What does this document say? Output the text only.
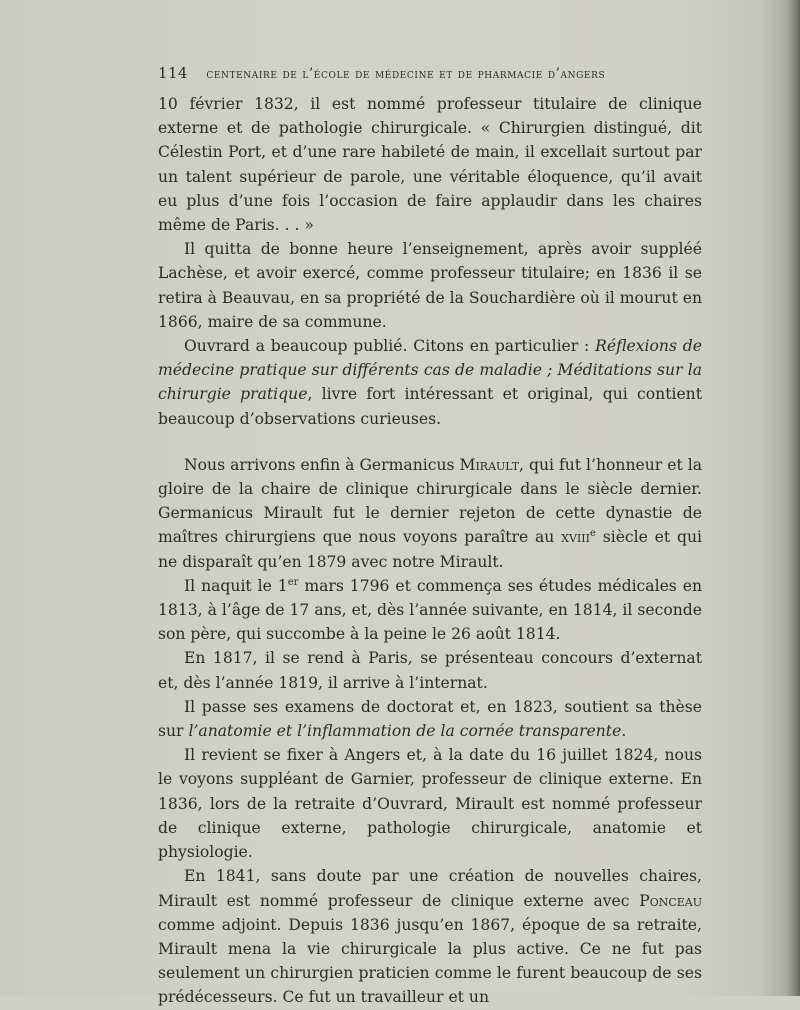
114 centenaire de l’école de médecine et de pharmacie d’angers

10 février 1832, il est nommé professeur titulaire de clinique externe et de pathologie chirurgicale. « Chirurgien distingué, dit Célestin Port, et d’une rare habileté de main, il excellait surtout par un talent supérieur de parole, une véritable éloquence, qu’il avait eu plus d’une fois l’occasion de faire applaudir dans les chaires même de Paris. . . »

Il quitta de bonne heure l’enseignement, après avoir suppléé Lachèse, et avoir exercé, comme professeur titulaire; en 1836 il se retira à Beauvau, en sa propriété de la Souchardière où il mourut en 1866, maire de sa commune.

Ouvrard a beaucoup publié. Citons en particulier : Réflexions de médecine pratique sur différents cas de maladie ; Méditations sur la chirurgie pratique, livre fort intéressant et original, qui contient beaucoup d’observations curieuses.

Nous arrivons enfin à Germanicus Mirault, qui fut l’honneur et la gloire de la chaire de clinique chirurgicale dans le siècle dernier. Germanicus Mirault fut le dernier rejeton de cette dynastie de maîtres chirurgiens que nous voyons paraître au xviii$^e$ siècle et qui ne disparaît qu’en 1879 avec notre Mirault.

Il naquit le 1er mars 1796 et commença ses études médicales en 1813, à l’âge de 17 ans, et, dès l’année suivante, en 1814, il seconde son père, qui succombe à la peine le 26 août 1814.

En 1817, il se rend à Paris, se présenteau concours d’externat et, dès l’année 1819, il arrive à l’internat.

Il passe ses examens de doctorat et, en 1823, soutient sa thèse sur l’anatomie et l’inflammation de la cornée transparente.

Il revient se fixer à Angers et, à la date du 16 juillet 1824, nous le voyons suppléant de Garnier, professeur de clinique externe. En 1836, lors de la retraite d’Ouvrard, Mirault est nommé professeur de clinique externe, pathologie chirurgicale, anatomie et physiologie.

En 1841, sans doute par une création de nouvelles chaires, Mirault est nommé professeur de clinique externe avec Ponceau comme adjoint. Depuis 1836 jusqu’en 1867, époque de sa retraite, Mirault mena la vie chirurgicale la plus active. Ce ne fut pas seulement un chirurgien praticien comme le furent beaucoup de ses prédécesseurs. Ce fut un travailleur et un
